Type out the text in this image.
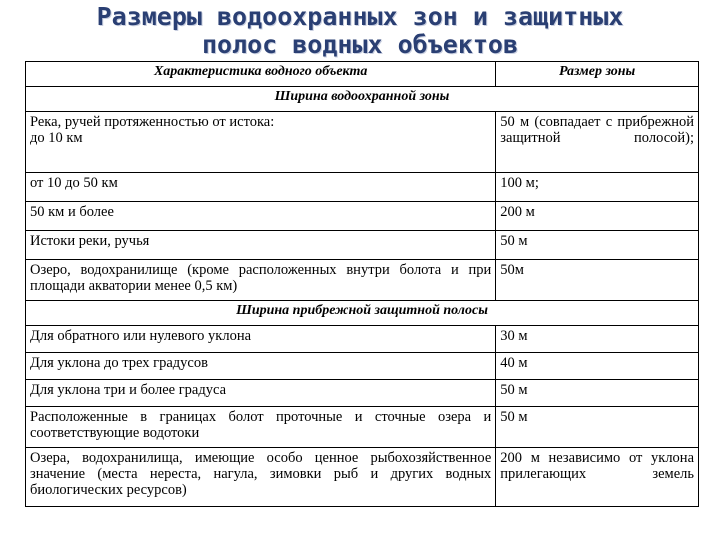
Размеры водоохранных зон и защитных
полос водных объектов
Характеристика водного объекта	Размер зоны
Ширина водоохранной зоны	

Река, ручей протяженностью от истока:
до 10 км	50 м (совпадает с прибрежной защитной полосой);
от 10 до 50 км	100 м;
50 км и более	200 м
Истоки реки, ручья	50 м
Озеро, водохранилище (кроме расположенных внутри болота и при площади акватории менее 0,5 км)	50м
Ширина прибрежной защитной полосы	
Для обратного или нулевого уклона	30 м
Для уклона до трех градусов	40 м
Для уклона три и более градуса	50 м
Расположенные в границах болот проточные и сточные озера и соответствующие водотоки	50 м
Озера, водохранилища, имеющие особо ценное рыбохозяйственное значение (места нереста, нагула, зимовки рыб и других водных биологических ресурсов)	200 м независимо от уклона прилегающих земель
